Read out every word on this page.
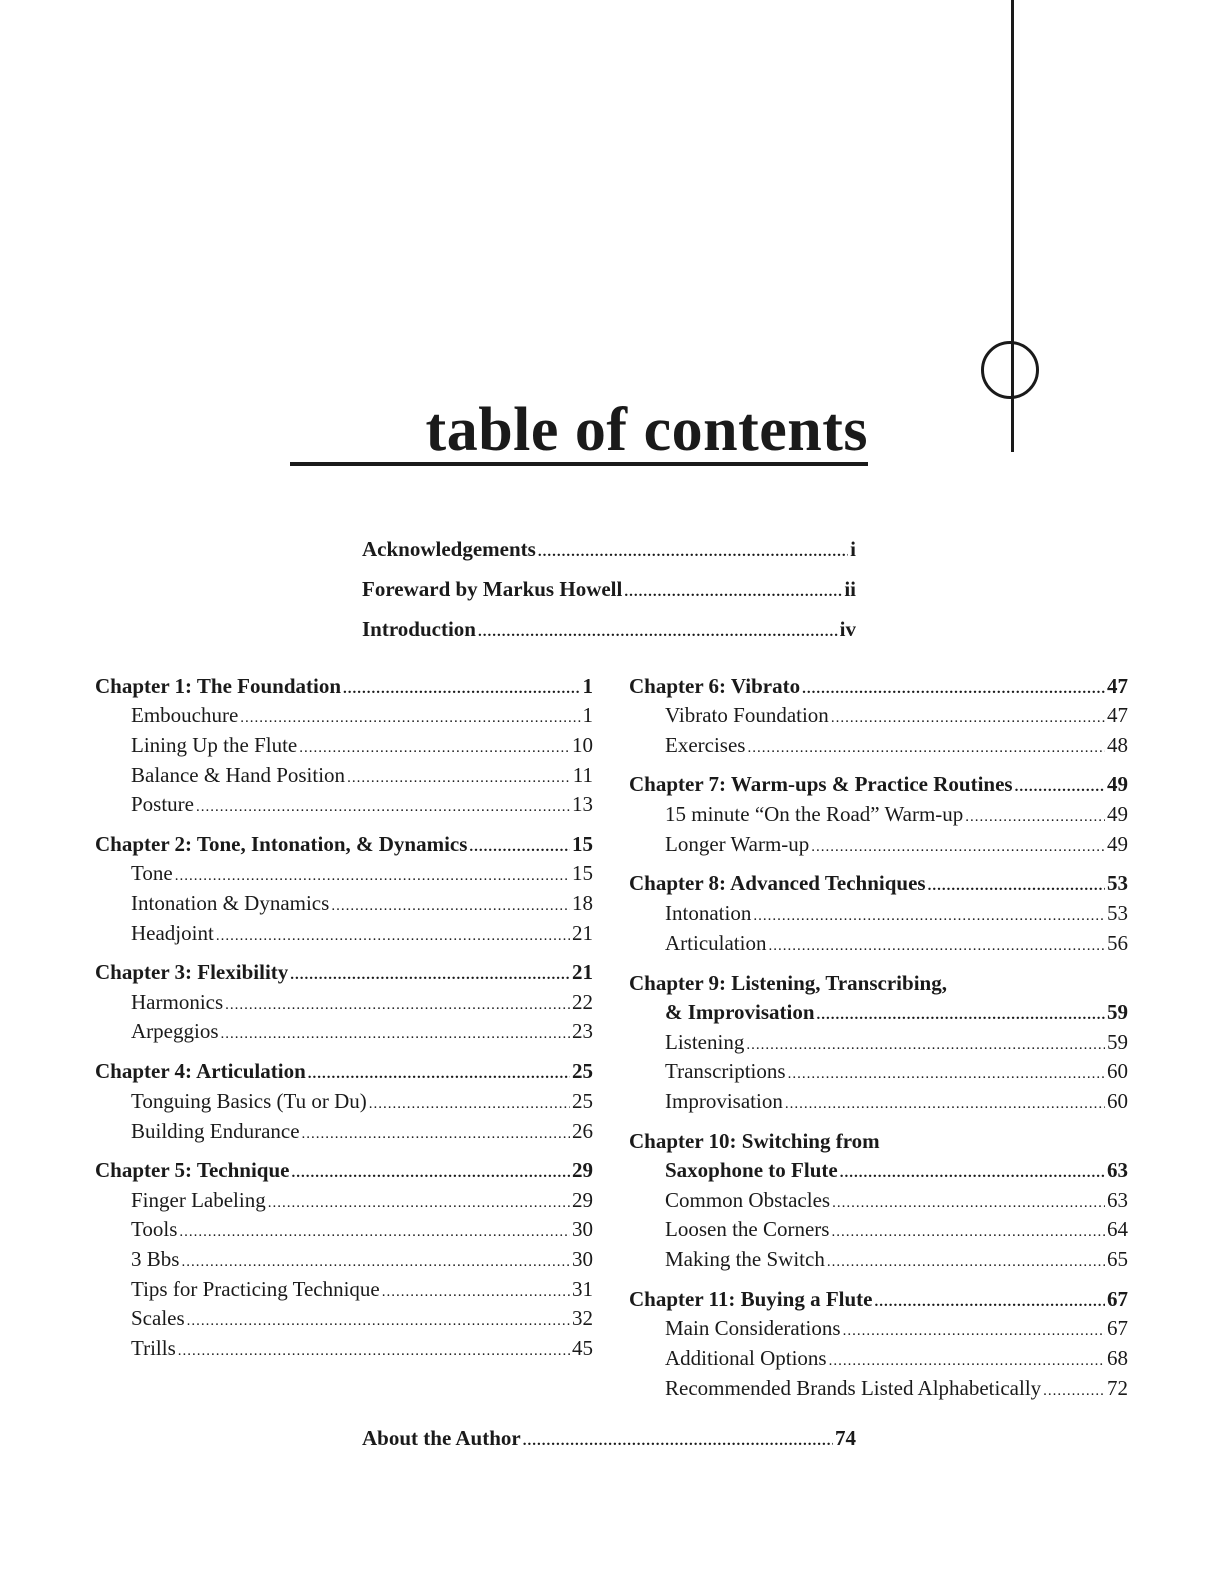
table of contents
Acknowledgements .....	i
Foreward by Markus Howell .....	ii
Introduction .....	iv
Chapter 1: The Foundation .....	1
Embouchure .....	1
Lining Up the Flute .....	10
Balance & Hand Position .....	11
Posture .....	13
Chapter 2: Tone, Intonation, & Dynamics .....	15
Tone .....	15
Intonation & Dynamics .....	18
Headjoint .....	21
Chapter 3: Flexibility .....	21
Harmonics .....	22
Arpeggios .....	23
Chapter 4: Articulation .....	25
Tonguing Basics (Tu or Du) .....	25
Building Endurance .....	26
Chapter 5: Technique .....	29
Finger Labeling .....	29
Tools .....	30
3 Bbs .....	30
Tips for Practicing Technique .....	31
Scales .....	32
Trills .....	45
Chapter 6: Vibrato .....	47
Vibrato Foundation .....	47
Exercises .....	48
Chapter 7: Warm-ups & Practice Routines .....	49
15 minute “On the Road” Warm-up .....	49
Longer Warm-up .....	49
Chapter 8: Advanced Techniques .....	53
Intonation .....	53
Articulation .....	56
Chapter 9: Listening, Transcribing,
& Improvisation .....	59
Listening .....	59
Transcriptions .....	60
Improvisation .....	60
Chapter 10: Switching from
Saxophone to Flute .....	63
Common Obstacles .....	63
Loosen the Corners .....	64
Making the Switch .....	65
Chapter 11: Buying a Flute .....	67
Main Considerations .....	67
Additional Options .....	68
Recommended Brands Listed Alphabetically .....	72
About the Author .....	74
